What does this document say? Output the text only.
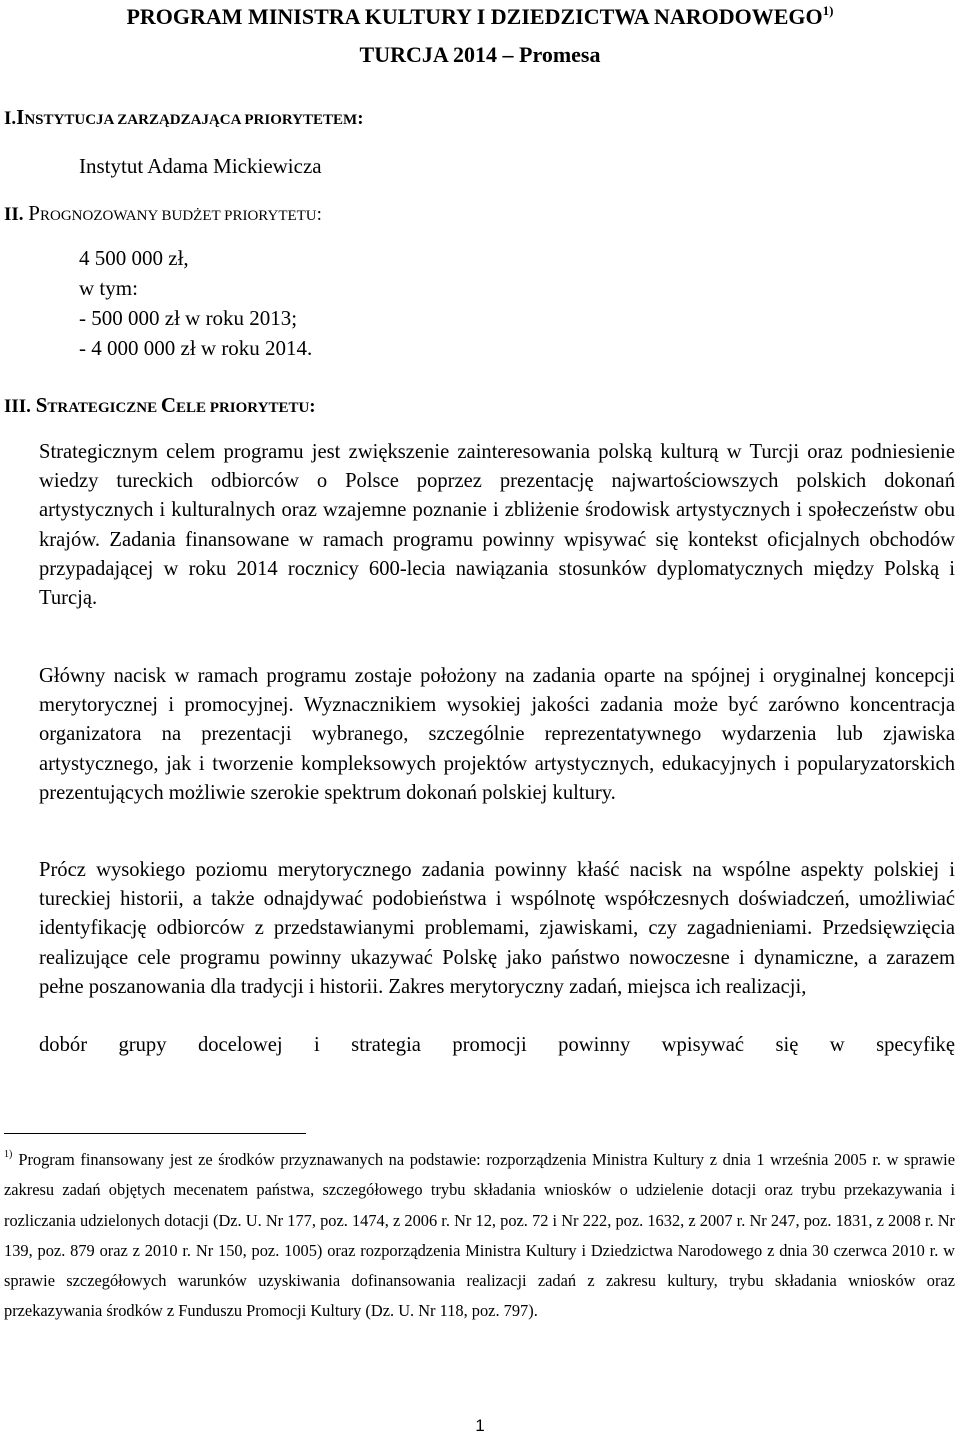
PROGRAM MINISTRA KULTURY I DZIEDZICTWA NARODOWEGO$^{1)}$
TURCJA 2014 – Promesa
I.INSTYTUCJA ZARZĄDZAJĄCA PRIORYTETEM:
Instytut Adama Mickiewicza
II. PROGNOZOWANY BUDŻET PRIORYTETU:
4 500 000 zł,
w tym:
- 500 000 zł w roku 2013;
- 4 000 000 zł w roku 2014.
III. STRATEGICZNE CELE PRIORYTETU:

Strategicznym celem programu jest zwiększenie zainteresowania polską kulturą w Turcji oraz podniesienie wiedzy tureckich odbiorców o Polsce poprzez prezentację najwartościowszych polskich dokonań artystycznych i kulturalnych oraz wzajemne poznanie i zbliżenie środowisk artystycznych i społeczeństw obu krajów. Zadania finansowane w ramach programu powinny wpisywać się kontekst oficjalnych obchodów przypadającej w roku 2014 rocznicy 600-lecia nawiązania stosunków dyplomatycznych między Polską i Turcją.

Główny nacisk w ramach programu zostaje położony na zadania oparte na spójnej i oryginalnej koncepcji merytorycznej i promocyjnej. Wyznacznikiem wysokiej jakości zadania może być zarówno koncentracja organizatora na prezentacji wybranego, szczególnie reprezentatywnego wydarzenia lub zjawiska artystycznego, jak i tworzenie kompleksowych projektów artystycznych, edukacyjnych i popularyzatorskich prezentujących możliwie szerokie spektrum dokonań polskiej kultury.

Prócz wysokiego poziomu merytorycznego zadania powinny kłaść nacisk na wspólne aspekty polskiej i tureckiej historii, a także odnajdywać podobieństwa i wspólnotę współczesnych doświadczeń, umożliwiać identyfikację odbiorców z przedstawianymi problemami, zjawiskami, czy zagadnieniami. Przedsięwzięcia realizujące cele programu powinny ukazywać Polskę jako państwo nowoczesne i dynamiczne, a zarazem pełne poszanowania dla tradycji i historii. Zakres merytoryczny zadań, miejsca ich realizacji,

dobór grupy docelowej i strategia promocji powinny wpisywać się w specyfikę

$^{1)}$ Program finansowany jest ze środków przyznawanych na podstawie: rozporządzenia Ministra Kultury z dnia 1 września 2005 r. w sprawie zakresu zadań objętych mecenatem państwa, szczegółowego trybu składania wniosków o udzielenie dotacji oraz trybu przekazywania i rozliczania udzielonych dotacji (Dz. U. Nr 177, poz. 1474, z 2006 r. Nr 12, poz. 72 i Nr 222, poz. 1632, z 2007 r. Nr 247, poz. 1831, z 2008 r. Nr 139, poz. 879 oraz z 2010 r. Nr 150, poz. 1005) oraz rozporządzenia Ministra Kultury i Dziedzictwa Narodowego z dnia 30 czerwca 2010 r. w sprawie szczegółowych warunków uzyskiwania dofinansowania realizacji zadań z zakresu kultury, trybu składania wniosków oraz przekazywania środków z Funduszu Promocji Kultury (Dz. U. Nr 118, poz. 797).

1
